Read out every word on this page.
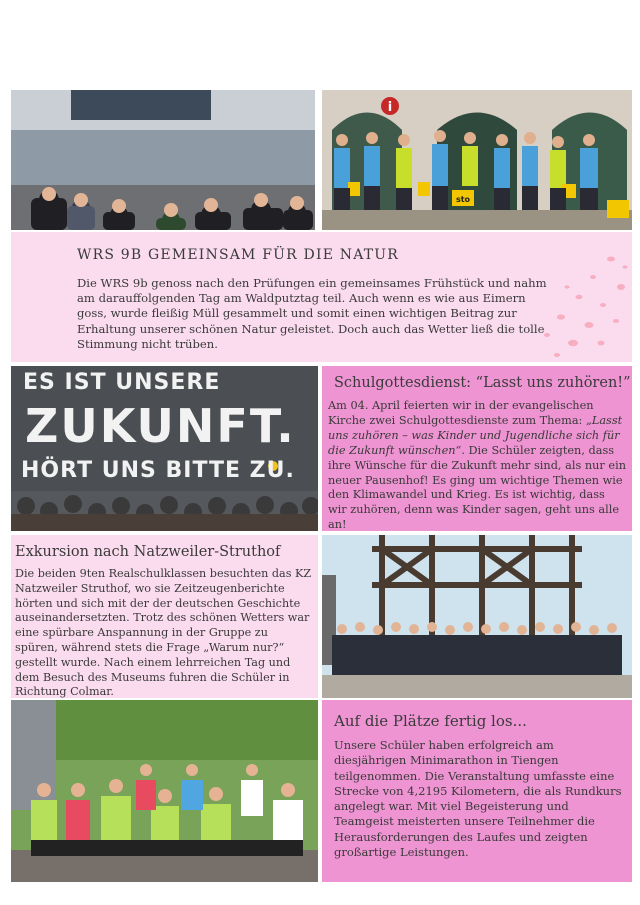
i
sto
WRS 9B GEMEINSAM FÜR DIE NATUR
Die WRS 9b genoss nach den Prüfungen ein gemeinsames Frühstück und nahm am darauffolgenden Tag am Waldputztag teil. Auch wenn es wie aus Eimern goss, wurde fleißig Müll gesammelt und somit einen wichtigen Beitrag zur Erhaltung unserer schönen Natur geleistet. Doch auch das Wetter ließ die tolle Stimmung nicht trüben.
ES IST UNSERE
ZUKUNFT.
HÖRT UNS BITTE ZU.
Schulgottesdienst: “Lasst uns zuhören!”
Am 04. April feierten wir in der evangelischen Kirche zwei Schulgottesdienste zum Thema: „Lasst uns zuhören – was Kinder und Jugendliche sich für die Zukunft wünschen“. Die Schüler zeigten, dass ihre Wünsche für die Zukunft mehr sind, als nur ein neuer Pausenhof! Es ging um wichtige Themen wie den Klimawandel und Krieg. Es ist wichtig, dass wir zuhören, denn was Kinder sagen, geht uns alle an!
Exkursion nach Natzweiler-Struthof
Die beiden 9ten Realschulklassen besuchten das KZ Natzweiler Struthof, wo sie Zeitzeugenberichte hörten und sich mit der der deutschen Geschichte auseinandersetzten. Trotz des schönen Wetters war eine spürbare Anspannung in der Gruppe zu spüren, während stets die Frage „Warum nur?“ gestellt wurde. Nach einem lehrreichen Tag und dem Besuch des Museums fuhren die Schüler in Richtung Colmar.
Auf die Plätze fertig los...
Unsere Schüler haben erfolgreich am diesjährigen Minimarathon in Tiengen teilgenommen. Die Veranstaltung umfasste eine Strecke von 4,2195 Kilometern, die als Rundkurs angelegt war. Mit viel Begeisterung und Teamgeist meisterten unsere Teilnehmer die Herausforderungen des Laufes und zeigten großartige Leistungen.
